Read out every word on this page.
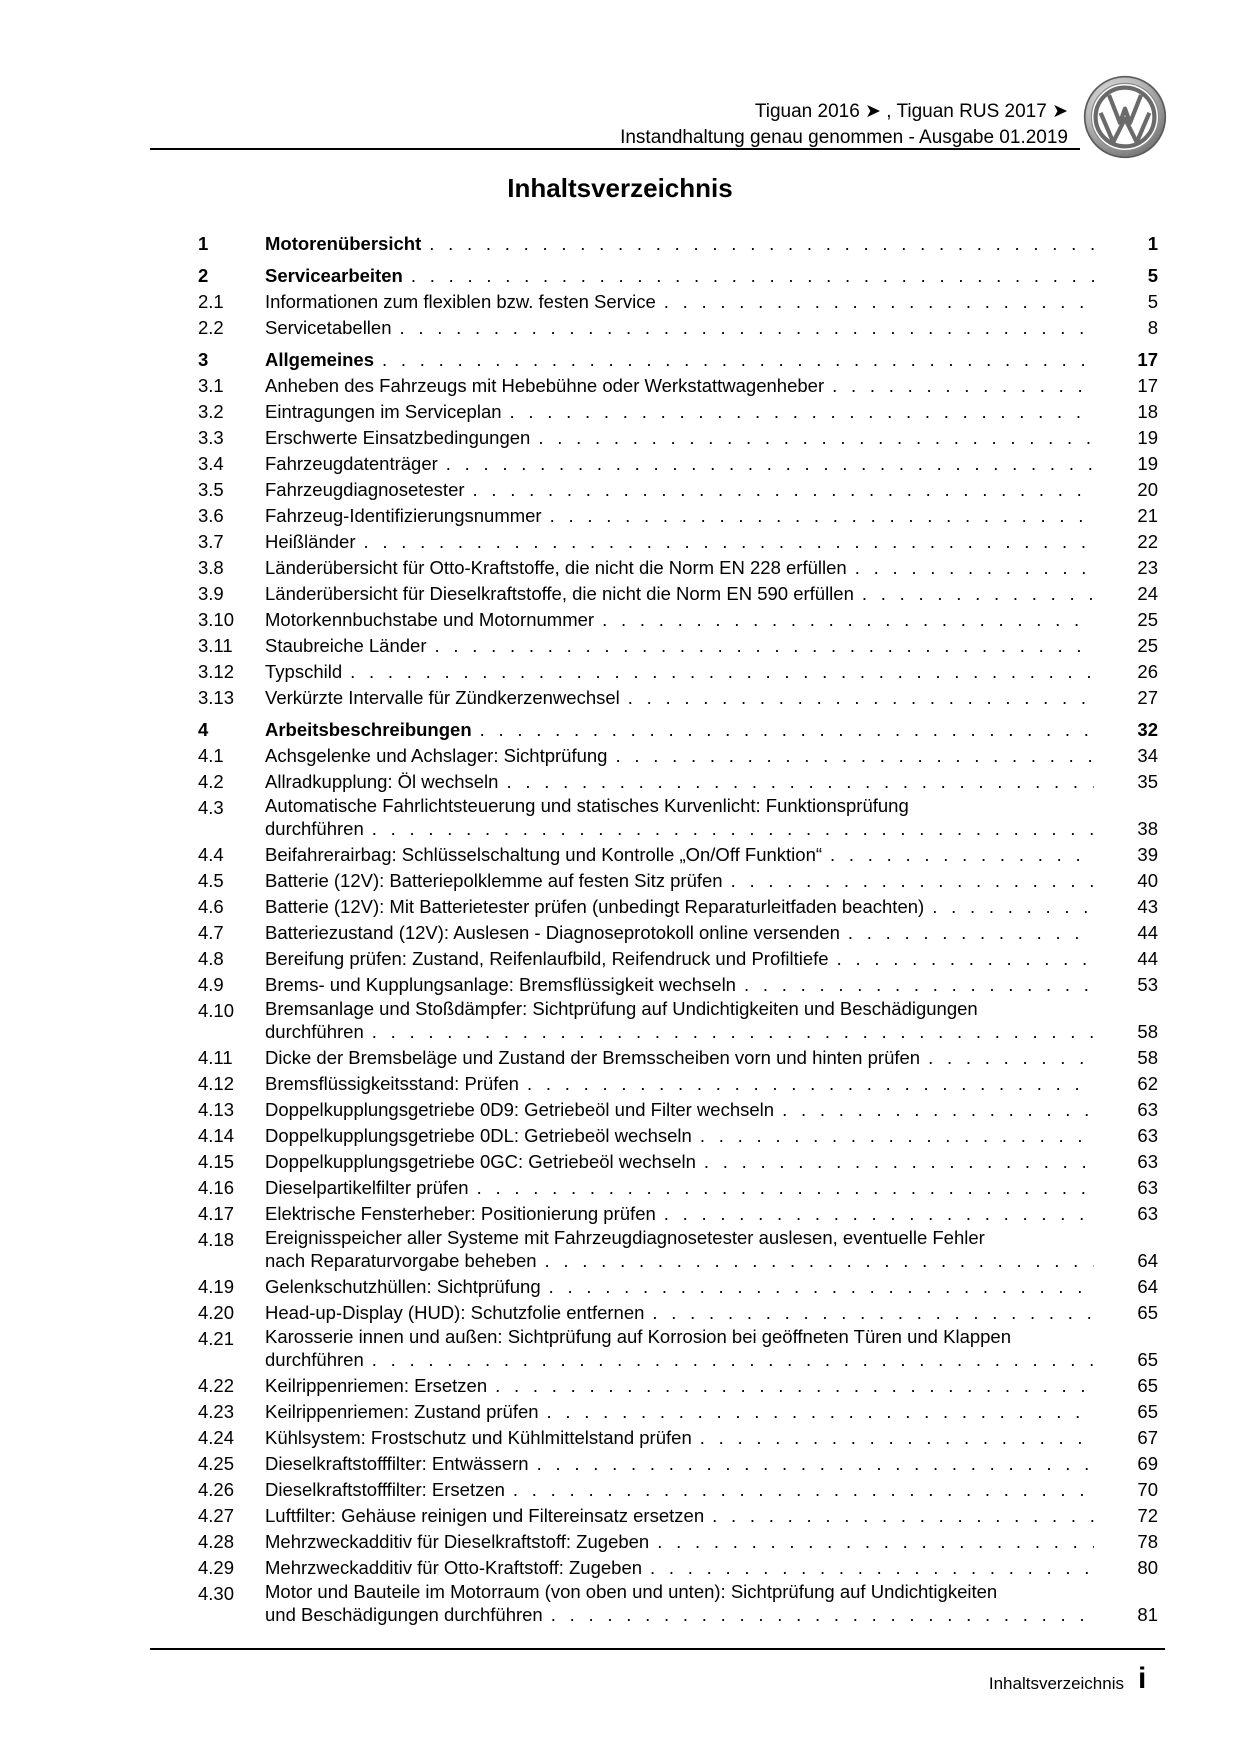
Tiguan 2016 ➤ , Tiguan RUS 2017 ➤
Instandhaltung genau genommen - Ausgabe 01.2019
Inhaltsverzeichnis
1	Motorenübersicht . . .	1
2	Servicearbeiten . . .	5
2.1	Informationen zum flexiblen bzw. festen Service . . .	5
2.2	Servicetabellen . . .	8
3	Allgemeines . . .	17
3.1	Anheben des Fahrzeugs mit Hebebühne oder Werkstattwagenheber . . .	17
3.2	Eintragungen im Serviceplan . . .	18
3.3	Erschwerte Einsatzbedingungen . . .	19
3.4	Fahrzeugdatenträger . . .	19
3.5	Fahrzeugdiagnosetester . . .	20
3.6	Fahrzeug-Identifizierungsnummer . . .	21
3.7	Heißländer . . .	22
3.8	Länderübersicht für Otto-Kraftstoffe, die nicht die Norm EN 228 erfüllen . . .	23
3.9	Länderübersicht für Dieselkraftstoffe, die nicht die Norm EN 590 erfüllen . . .	24
3.10	Motorkennbuchstabe und Motornummer . . .	25
3.11	Staubreiche Länder . . .	25
3.12	Typschild . . .	26
3.13	Verkürzte Intervalle für Zündkerzenwechsel . . .	27
4	Arbeitsbeschreibungen . . .	32
4.1	Achsgelenke und Achslager: Sichtprüfung . . .	34
4.2	Allradkupplung: Öl wechseln . . .	35
4.3	Automatische Fahrlichtsteuerung und statisches Kurvenlicht: Funktionsprüfung
durchführen . . .	38
4.4	Beifahrerairbag: Schlüsselschaltung und Kontrolle „On/Off Funktion“ . . .	39
4.5	Batterie (12V): Batteriepolklemme auf festen Sitz prüfen . . .	40
4.6	Batterie (12V): Mit Batterietester prüfen (unbedingt Reparaturleitfaden beachten) . . .	43
4.7	Batteriezustand (12V): Auslesen - Diagnoseprotokoll online versenden . . .	44
4.8	Bereifung prüfen: Zustand, Reifenlaufbild, Reifendruck und Profiltiefe . . .	44
4.9	Brems- und Kupplungsanlage: Bremsflüssigkeit wechseln . . .	53
4.10	Bremsanlage und Stoßdämpfer: Sichtprüfung auf Undichtigkeiten und Beschädigungen
durchführen . . .	58
4.11	Dicke der Bremsbeläge und Zustand der Bremsscheiben vorn und hinten prüfen . . .	58
4.12	Bremsflüssigkeitsstand: Prüfen . . .	62
4.13	Doppelkupplungsgetriebe 0D9: Getriebeöl und Filter wechseln . . .	63
4.14	Doppelkupplungsgetriebe 0DL: Getriebeöl wechseln . . .	63
4.15	Doppelkupplungsgetriebe 0GC: Getriebeöl wechseln . . .	63
4.16	Dieselpartikelfilter prüfen . . .	63
4.17	Elektrische Fensterheber: Positionierung prüfen . . .	63
4.18	Ereignisspeicher aller Systeme mit Fahrzeugdiagnosetester auslesen, eventuelle Fehler
nach Reparaturvorgabe beheben . . .	64
4.19	Gelenkschutzhüllen: Sichtprüfung . . .	64
4.20	Head-up-Display (HUD): Schutzfolie entfernen . . .	65
4.21	Karosserie innen und außen: Sichtprüfung auf Korrosion bei geöffneten Türen und Klappen
durchführen . . .	65
4.22	Keilrippenriemen: Ersetzen . . .	65
4.23	Keilrippenriemen: Zustand prüfen . . .	65
4.24	Kühlsystem: Frostschutz und Kühlmittelstand prüfen . . .	67
4.25	Dieselkraftstofffilter: Entwässern . . .	69
4.26	Dieselkraftstofffilter: Ersetzen . . .	70
4.27	Luftfilter: Gehäuse reinigen und Filtereinsatz ersetzen . . .	72
4.28	Mehrzweckadditiv für Dieselkraftstoff: Zugeben . . .	78
4.29	Mehrzweckadditiv für Otto-Kraftstoff: Zugeben . . .	80
4.30	Motor und Bauteile im Motorraum (von oben und unten): Sichtprüfung auf Undichtigkeiten
und Beschädigungen durchführen . . .	81
Inhaltsverzeichnis i
